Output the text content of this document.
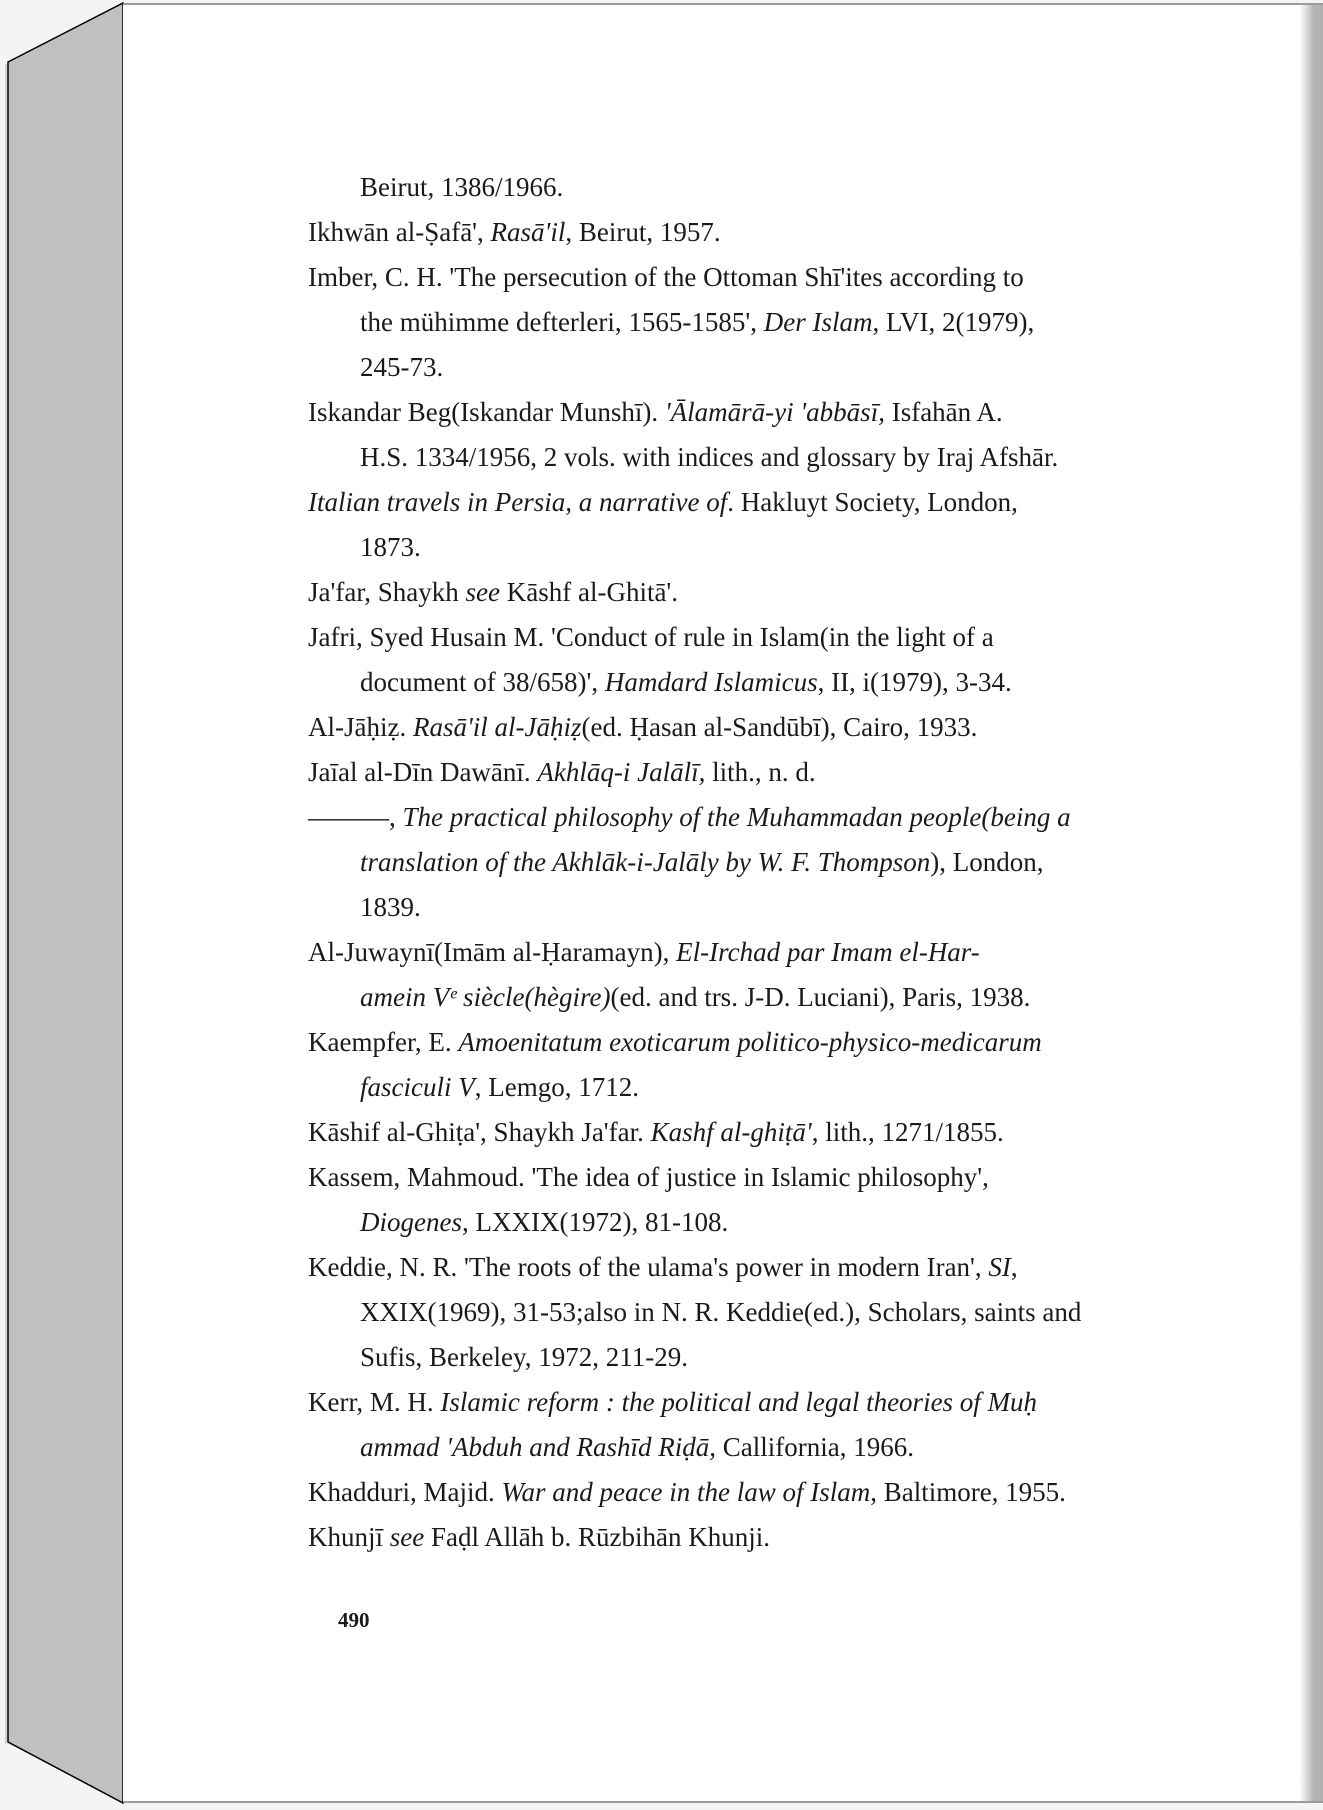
Beirut, 1386/1966.
Ikhwān al-Ṣafā', Rasā'il, Beirut, 1957.
Imber, C. H. 'The persecution of the Ottoman Shī'ites according to
the mühimme defterleri, 1565-1585', Der Islam, LVI, 2(1979),
245-73.
Iskandar Beg(Iskandar Munshī). 'Ālamārā-yi 'abbāsī, Isfahān A.
H.S. 1334/1956, 2 vols. with indices and glossary by Iraj Afshār.
Italian travels in Persia, a narrative of. Hakluyt Society, London,
1873.
Ja'far, Shaykh see Kāshf al-Ghitā'.
Jafri, Syed Husain M. 'Conduct of rule in Islam(in the light of a
document of 38/658)', Hamdard Islamicus, II, i(1979), 3-34.
Al-Jāḥiẓ. Rasā'il al-Jāḥiẓ(ed. Ḥasan al-Sandūbī), Cairo, 1933.
Jaīal al-Dīn Dawānī. Akhlāq-i Jalālī, lith., n. d.
———, The practical philosophy of the Muhammadan people(being a
translation of the Akhlāk-i-Jalāly by W. F. Thompson), London,
1839.
Al-Juwaynī(Imām al-Ḥaramayn), El-Irchad par Imam el-Har-
amein Vᵉ siècle(hègire)(ed. and trs. J-D. Luciani), Paris, 1938.
Kaempfer, E. Amoenitatum exoticarum politico-physico-medicarum
fasciculi V, Lemgo, 1712.
Kāshif al-Ghiṭa', Shaykh Ja'far. Kashf al-ghiṭā', lith., 1271/1855.
Kassem, Mahmoud. 'The idea of justice in Islamic philosophy',
Diogenes, LXXIX(1972), 81-108.
Keddie, N. R. 'The roots of the ulama's power in modern Iran', SI,
XXIX(1969), 31-53;also in N. R. Keddie(ed.), Scholars, saints and
Sufis, Berkeley, 1972, 211-29.
Kerr, M. H. Islamic reform : the political and legal theories of Muḥ
ammad 'Abduh and Rashīd Riḍā, Callifornia, 1966.
Khadduri, Majid. War and peace in the law of Islam, Baltimore, 1955.
Khunjī see Faḍl Allāh b. Rūzbihān Khunji.
490
